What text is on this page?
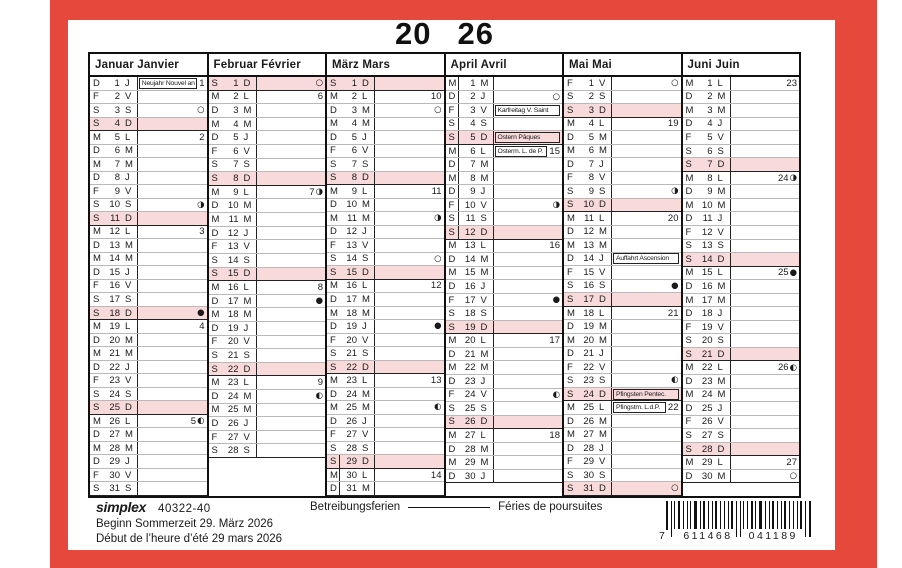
20 26
Januar Janvier
D	1 J	Neujahr Nouvel an 1
F	2 V
S	3 S	○
S	4 D
M	5 L	2
D	6 M
M	7 M
D	8 J
F	9 V
S	10 S	◑
S	11 D
M 12 L	3
D	13 M
M 14 M
D	15 J
F	16 V
S	17 S
S	18 D	●
M 19 L	4
D	20 M
M 21 M
D	22 J
F	23 V
S	24 S
S	25 D
M 26 L	5 ◐
D	27 M
M 28 M
D	29 J
F	30 V
S	31 S
Februar Février
S	1 D	○
M	2 L	6
D	3 M
M	4 M
D	5 J
F	6 V
S	7 S
S	8 D
M	9 L	7 ◑
D	10 M
M 11 M
D	12 J
F	13 V
S	14 S
S	15 D
M 16 L	8
D	17 M	●
M 18 M
D	19 J
F	20 V
S	21 S
S	22 D
M 23 L	9
D	24 M	◐
M 25 M
D	26 J
F	27 V
S	28 S
März Mars
S	1 D
M	2 L	10
D	3 M	○
M	4 M
D	5 J
F	6 V
S	7 S
S	8 D
M	9 L	11
D	10 M
M 11 M	◑
D	12 J
F	13 V
S	14 S	○
S	15 D
M 16 L	12
D	17 M
M 18 M
D	19 J	●
F	20 V
S	21 S
S	22 D
M 23 L	13
D	24 M
M 25 M	◐
D	26 J
F	27 V
S	28 S
S	29 D
M 30 L	14
D	31 M
April Avril
M	1 M
D	2 J	○
F	3 V	Karfreitag V. Saint
S	4 S
S	5 D	Ostern Pâques
M	6 L	Osterm. L. de P. 15
D	7 M
M	8 M
D	9 J
F	10 V	◑
S	11 S
S	12 D
M 13 L	16
D	14 M
M 15 M
D	16 J
F	17 V	●
S	18 S
S	19 D
M 20 L	17
D	21 M
M 22 M
D	23 J
F	24 V	◐
S	25 S
S	26 D
M 27 L	18
D	28 M
M 29 M
D	30 J
Mai Mai
F	1 V	○
S	2 S
S	3 D
M	4 L	19
D	5 M
M	6 M
D	7 J
F	8 V
S	9 S	◑
S	10 D
M 11 L	20
D	12 M
M 13 M
D	14 J	Auffahrt Ascension
F	15 V
S	16 S	●
S	17 D
M 18 L	21
D	19 M
M 20 M
D	21 J
F	22 V
S	23 S	◐
S	24 D	Pfingsten Pentec.
M 25 L	Pfingstm. L.d.P. 22
D	26 M
M 27 M
D	28 J
F	29 V
S	30 S
S	31 D	○
Juni Juin
M	1 L	23
D	2 M
M	3 M
D	4 J
F	5 V
S	6 S
S	7 D
M	8 L	24 ◑
D	9 M
M 10 M
D	11 J
F	12 V
S	13 S
S	14 D
M 15 L	25 ●
D	16 M
M 17 M
D	18 J
F	19 V
S	20 S
S	21 D
M 22 L	26 ◐
D	23 M
M 24 M
D	25 J
F	26 V
S	27 S
S	28 D
M 29 L	27
D	30 M	○
simplex 40322-40	Betreibungsferien	Féries de poursuites
Beginn Sommerzeit 29. März 2026
Début de l’heure d’été 29 mars 2026	7 611468 041189
